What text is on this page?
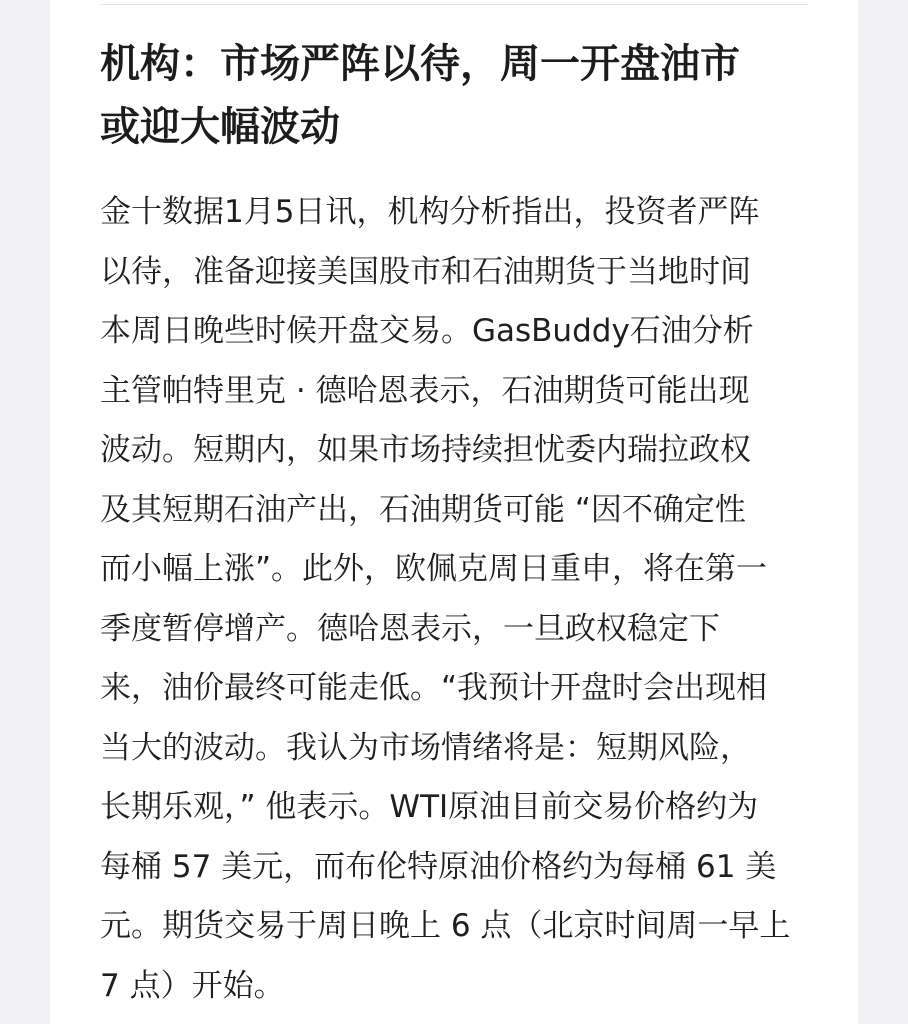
机构：市场严阵以待，周一开盘油市
或迎大幅波动
金十数据1月5日讯，机构分析指出，投资者严阵
以待，准备迎接美国股市和石油期货于当地时间
本周日晚些时候开盘交易。GasBuddy石油分析
主管帕特里克 · 德哈恩表示，石油期货可能出现
波动。短期内，如果市场持续担忧委内瑞拉政权
及其短期石油产出，石油期货可能 “因不确定性
而小幅上涨”。此外，欧佩克周日重申，将在第一
季度暂停增产。德哈恩表示，一旦政权稳定下
来，油价最终可能走低。“我预计开盘时会出现相
当大的波动。我认为市场情绪将是：短期风险，
长期乐观，” 他表示。WTI原油目前交易价格约为
每桶 57 美元，而布伦特原油价格约为每桶 61 美
元。期货交易于周日晚上 6 点（北京时间周一早上
7 点）开始。
